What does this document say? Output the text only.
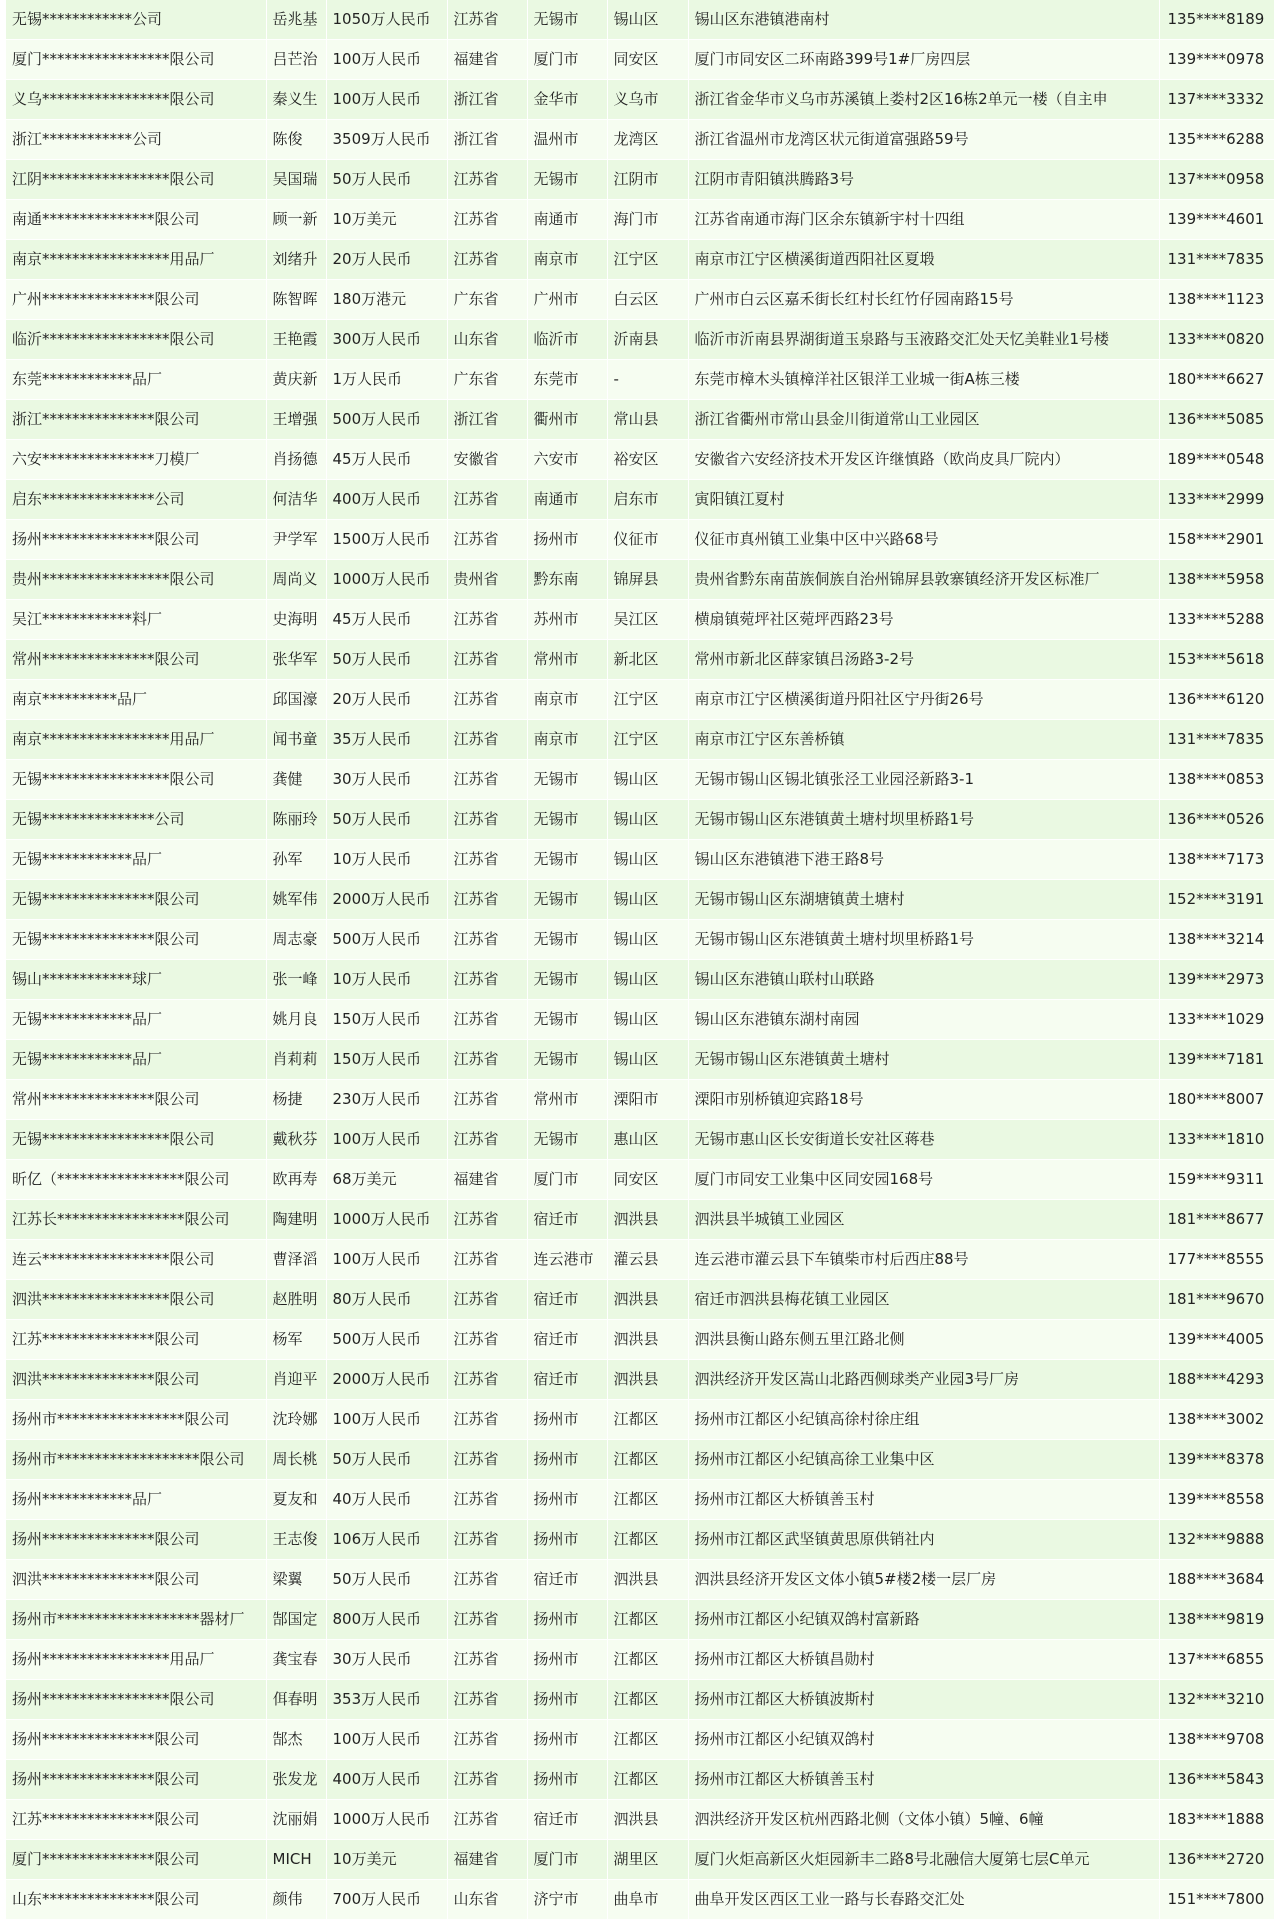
无锡************公司	岳兆基	1050万人民币	江苏省	无锡市	锡山区	锡山区东港镇港南村	135****8189
厦门*****************限公司	吕芒治	100万人民币	福建省	厦门市	同安区	厦门市同安区二环南路399号1#厂房四层	139****0978
义乌*****************限公司	秦义生	100万人民币	浙江省	金华市	义乌市	浙江省金华市义乌市苏溪镇上娄村2区16栋2单元一楼（自主申	137****3332
浙江************公司	陈俊	3509万人民币	浙江省	温州市	龙湾区	浙江省温州市龙湾区状元街道富强路59号	135****6288
江阴*****************限公司	吴国瑞	50万人民币	江苏省	无锡市	江阴市	江阴市青阳镇洪腾路3号	137****0958
南通***************限公司	顾一新	10万美元	江苏省	南通市	海门市	江苏省南通市海门区余东镇新宇村十四组	139****4601
南京*****************用品厂	刘绪升	20万人民币	江苏省	南京市	江宁区	南京市江宁区横溪街道西阳社区夏塅	131****7835
广州***************限公司	陈智晖	180万港元	广东省	广州市	白云区	广州市白云区嘉禾街长红村长红竹仔园南路15号	138****1123
临沂*****************限公司	王艳霞	300万人民币	山东省	临沂市	沂南县	临沂市沂南县界湖街道玉泉路与玉液路交汇处天忆美鞋业1号楼	133****0820
东莞************品厂	黄庆新	1万人民币	广东省	东莞市	-	东莞市樟木头镇樟洋社区银洋工业城一街A栋三楼	180****6627
浙江***************限公司	王增强	500万人民币	浙江省	衢州市	常山县	浙江省衢州市常山县金川街道常山工业园区	136****5085
六安***************刀模厂	肖扬德	45万人民币	安徽省	六安市	裕安区	安徽省六安经济技术开发区许继慎路（欧尚皮具厂院内）	189****0548
启东***************公司	何洁华	400万人民币	江苏省	南通市	启东市	寅阳镇江夏村	133****2999
扬州***************限公司	尹学军	1500万人民币	江苏省	扬州市	仪征市	仪征市真州镇工业集中区中兴路68号	158****2901
贵州*****************限公司	周尚义	1000万人民币	贵州省	黔东南	锦屏县	贵州省黔东南苗族侗族自治州锦屏县敦寨镇经济开发区标准厂	138****5958
吴江************料厂	史海明	45万人民币	江苏省	苏州市	吴江区	横扇镇菀坪社区菀坪西路23号	133****5288
常州***************限公司	张华军	50万人民币	江苏省	常州市	新北区	常州市新北区薛家镇吕汤路3-2号	153****5618
南京**********品厂	邱国濠	20万人民币	江苏省	南京市	江宁区	南京市江宁区横溪街道丹阳社区宁丹街26号	136****6120
南京*****************用品厂	闻书童	35万人民币	江苏省	南京市	江宁区	南京市江宁区东善桥镇	131****7835
无锡*****************限公司	龚健	30万人民币	江苏省	无锡市	锡山区	无锡市锡山区锡北镇张泾工业园泾新路3-1	138****0853
无锡***************公司	陈丽玲	50万人民币	江苏省	无锡市	锡山区	无锡市锡山区东港镇黄土塘村坝里桥路1号	136****0526
无锡************品厂	孙军	10万人民币	江苏省	无锡市	锡山区	锡山区东港镇港下港王路8号	138****7173
无锡***************限公司	姚军伟	2000万人民币	江苏省	无锡市	锡山区	无锡市锡山区东湖塘镇黄土塘村	152****3191
无锡***************限公司	周志豪	500万人民币	江苏省	无锡市	锡山区	无锡市锡山区东港镇黄土塘村坝里桥路1号	138****3214
锡山************球厂	张一峰	10万人民币	江苏省	无锡市	锡山区	锡山区东港镇山联村山联路	139****2973
无锡************品厂	姚月良	150万人民币	江苏省	无锡市	锡山区	锡山区东港镇东湖村南园	133****1029
无锡************品厂	肖莉莉	150万人民币	江苏省	无锡市	锡山区	无锡市锡山区东港镇黄土塘村	139****7181
常州***************限公司	杨捷	230万人民币	江苏省	常州市	溧阳市	溧阳市别桥镇迎宾路18号	180****8007
无锡*****************限公司	戴秋芬	100万人民币	江苏省	无锡市	惠山区	无锡市惠山区长安街道长安社区蒋巷	133****1810
昕亿（*****************限公司	欧再寿	68万美元	福建省	厦门市	同安区	厦门市同安工业集中区同安园168号	159****9311
江苏长*****************限公司	陶建明	1000万人民币	江苏省	宿迁市	泗洪县	泗洪县半城镇工业园区	181****8677
连云*****************限公司	曹泽滔	100万人民币	江苏省	连云港市	灌云县	连云港市灌云县下车镇柴市村后西庄88号	177****8555
泗洪*****************限公司	赵胜明	80万人民币	江苏省	宿迁市	泗洪县	宿迁市泗洪县梅花镇工业园区	181****9670
江苏***************限公司	杨军	500万人民币	江苏省	宿迁市	泗洪县	泗洪县衡山路东侧五里江路北侧	139****4005
泗洪***************限公司	肖迎平	2000万人民币	江苏省	宿迁市	泗洪县	泗洪经济开发区嵩山北路西侧球类产业园3号厂房	188****4293
扬州市*****************限公司	沈玲娜	100万人民币	江苏省	扬州市	江都区	扬州市江都区小纪镇高徐村徐庄组	138****3002
扬州市*******************限公司	周长桃	50万人民币	江苏省	扬州市	江都区	扬州市江都区小纪镇高徐工业集中区	139****8378
扬州************品厂	夏友和	40万人民币	江苏省	扬州市	江都区	扬州市江都区大桥镇善玉村	139****8558
扬州***************限公司	王志俊	106万人民币	江苏省	扬州市	江都区	扬州市江都区武坚镇黄思原供销社内	132****9888
泗洪***************限公司	梁翼	50万人民币	江苏省	宿迁市	泗洪县	泗洪县经济开发区文体小镇5#楼2楼一层厂房	188****3684
扬州市*******************器材厂	郜国定	800万人民币	江苏省	扬州市	江都区	扬州市江都区小纪镇双鸽村富新路	138****9819
扬州*****************用品厂	龚宝春	30万人民币	江苏省	扬州市	江都区	扬州市江都区大桥镇昌勋村	137****6855
扬州*****************限公司	佴春明	353万人民币	江苏省	扬州市	江都区	扬州市江都区大桥镇波斯村	132****3210
扬州***************限公司	郜杰	100万人民币	江苏省	扬州市	江都区	扬州市江都区小纪镇双鸽村	138****9708
扬州***************限公司	张发龙	400万人民币	江苏省	扬州市	江都区	扬州市江都区大桥镇善玉村	136****5843
江苏***************限公司	沈丽娟	1000万人民币	江苏省	宿迁市	泗洪县	泗洪经济开发区杭州西路北侧（文体小镇）5幢、6幢	183****1888
厦门***************限公司	MICH	10万美元	福建省	厦门市	湖里区	厦门火炬高新区火炬园新丰二路8号北融信大厦第七层C单元	136****2720
山东***************限公司	颜伟	700万人民币	山东省	济宁市	曲阜市	曲阜开发区西区工业一路与长春路交汇处	151****7800
